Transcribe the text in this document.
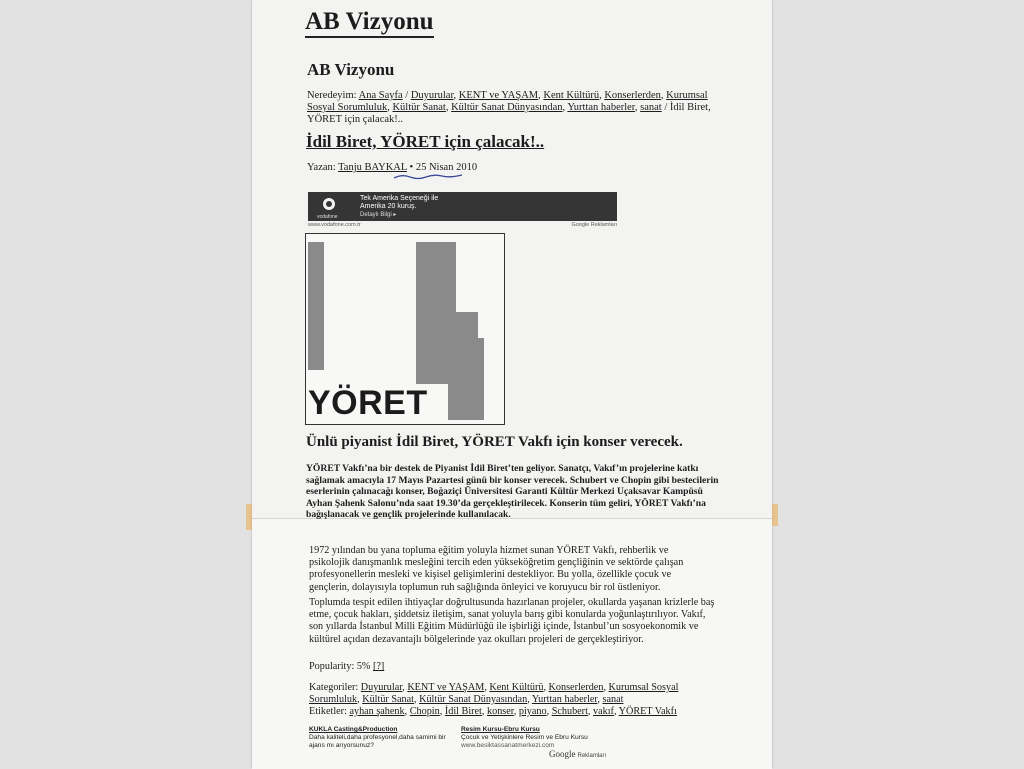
AB Vizyonu
AB Vizyonu
Neredeyim: Ana Sayfa / Duyurular, KENT ve YAŞAM, Kent Kültürü, Konserlerden, Kurumsal Sosyal Sorumluluk, Kültür Sanat, Kültür Sanat Dünyasından, Yurttan haberler, sanat / İdil Biret, YÖRET için çalacak!..
İdil Biret, YÖRET için çalacak!..
Yazan: Tanju BAYKAL • 25 Nisan 2010
Tek Amerika Seçeneği ile
Amerika 20 kuruş.
Detaylı Bilgi ▸
vodafone
www.vodafone.com.tr	Google Reklamları
YÖRET
Ünlü piyanist İdil Biret, YÖRET Vakfı için konser verecek.
YÖRET Vakfı’na bir destek de Piyanist İdil Biret’ten geliyor. Sanatçı, Vakıf’ın projelerine katkı sağlamak amacıyla 17 Mayıs Pazartesi günü bir konser verecek. Schubert ve Chopin gibi bestecilerin eserlerinin çalınacağı konser, Boğaziçi Üniversitesi Garanti Kültür Merkezi Uçaksavar Kampüsü Ayhan Şahenk Salonu’nda saat 19.30’da gerçekleştirilecek. Konserin tüm geliri, YÖRET Vakfı’na bağışlanacak ve gençlik projelerinde kullanılacak.
1972 yılından bu yana topluma eğitim yoluyla hizmet sunan YÖRET Vakfı, rehberlik ve psikolojik danışmanlık mesleğini tercih eden yükseköğretim gençliğinin ve sektörde çalışan profesyonellerin mesleki ve kişisel gelişimlerini destekliyor. Bu yolla, özellikle çocuk ve gençlerin, dolayısıyla toplumun ruh sağlığında önleyici ve koruyucu bir rol üstleniyor.
Toplumda tespit edilen ihtiyaçlar doğrultusunda hazırlanan projeler, okullarda yaşanan krizlerle baş etme, çocuk hakları, şiddetsiz iletişim, sanat yoluyla barış gibi konularda yoğunlaştırılıyor. Vakıf, son yıllarda İstanbul Milli Eğitim Müdürlüğü ile işbirliği içinde, İstanbul’un sosyoekonomik ve kültürel açıdan dezavantajlı bölgelerinde yaz okulları projeleri de gerçekleştiriyor.
Popularity: 5% [?]
Kategoriler: Duyurular, KENT ve YAŞAM, Kent Kültürü, Konserlerden, Kurumsal Sosyal Sorumluluk, Kültür Sanat, Kültür Sanat Dünyasından, Yurttan haberler, sanat
Etiketler: ayhan şahenk, Chopin, İdil Biret, konser, piyano, Schubert, vakıf, YÖRET Vakfı
KUKLA Casting&Production
Daha kaliteli,daha profesyonel,daha samimi bir ajans mı arıyorsunuz?
Resim Kursu-Ebru Kursu
Çocuk ve Yetişkinlere Resim ve Ebru Kursu
www.besiktassanatmerkezi.com
Google Reklamları
